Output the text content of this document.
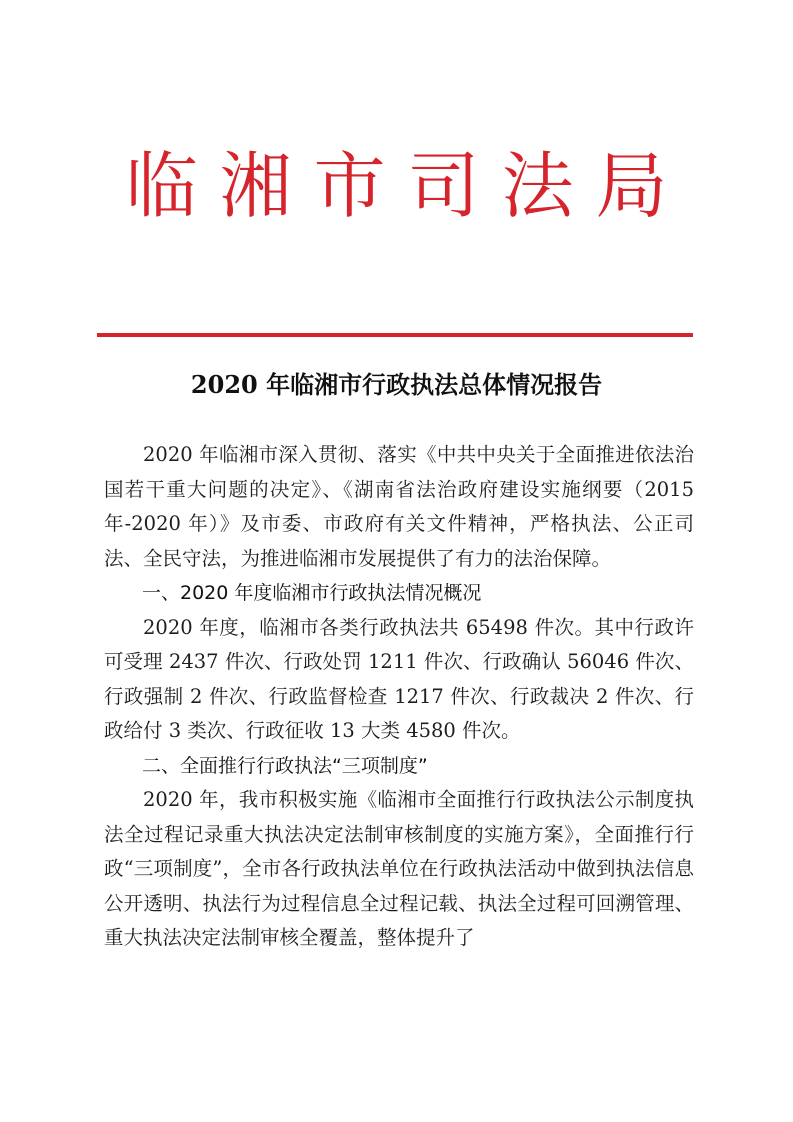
临湘市司法局
2020 年临湘市行政执法总体情况报告

2020 年临湘市深入贯彻、落实《中共中央关于全面推进依法治国若干重大问题的决定》、《湖南省法治政府建设实施纲要（2015 年-2020 年）》及市委、市政府有关文件精神，严格执法、公正司法、全民守法，为推进临湘市发展提供了有力的法治保障。

一、2020 年度临湘市行政执法情况概况

2020 年度，临湘市各类行政执法共 65498 件次。其中行政许可受理 2437 件次、行政处罚 1211 件次、行政确认 56046 件次、行政强制 2 件次、行政监督检查 1217 件次、行政裁决 2 件次、行政给付 3 类次、行政征收 13 大类 4580 件次。

二、全面推行行政执法“三项制度”

2020 年，我市积极实施《临湘市全面推行行政执法公示制度执法全过程记录重大执法决定法制审核制度的实施方案》，全面推行行政“三项制度”，全市各行政执法单位在行政执法活动中做到执法信息公开透明、执法行为过程信息全过程记载、执法全过程可回溯管理、重大执法决定法制审核全覆盖，整体提升了
